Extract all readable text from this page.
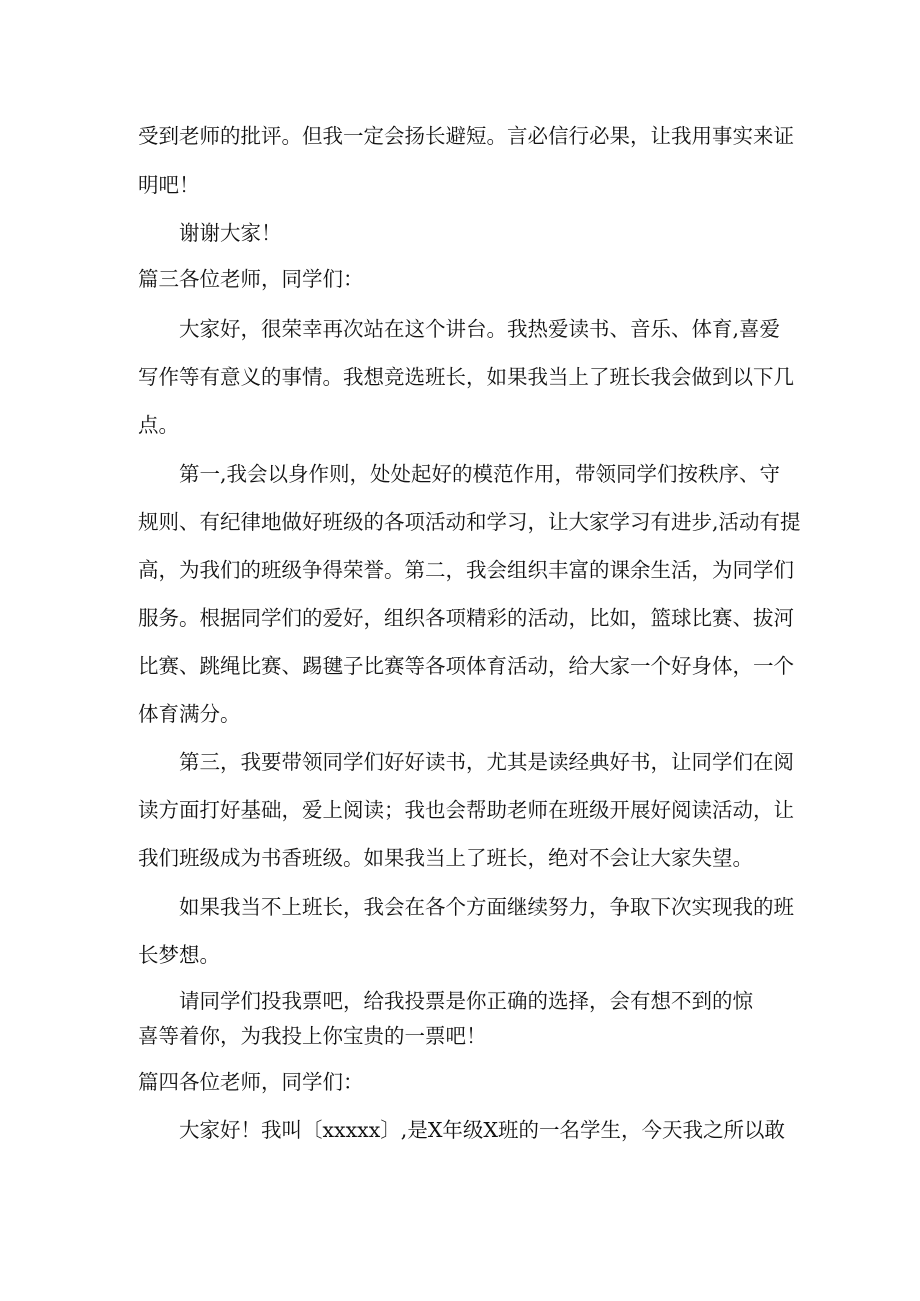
受到老师的批评。但我一定会扬长避短。言必信行必果，让我用事实来证

明吧！

谢谢大家！

篇三各位老师，同学们：

大家好，很荣幸再次站在这个讲台。我热爱读书、音乐、体育,喜爱

写作等有意义的事情。我想竞选班长，如果我当上了班长我会做到以下几

点。

第一,我会以身作则，处处起好的模范作用，带领同学们按秩序、守

规则、有纪律地做好班级的各项活动和学习，让大家学习有进步,活动有提

高，为我们的班级争得荣誉。第二，我会组织丰富的课余生活，为同学们

服务。根据同学们的爱好，组织各项精彩的活动，比如，篮球比赛、拔河

比赛、跳绳比赛、踢毽子比赛等各项体育活动，给大家一个好身体，一个

体育满分。

第三，我要带领同学们好好读书，尤其是读经典好书，让同学们在阅

读方面打好基础，爱上阅读；我也会帮助老师在班级开展好阅读活动，让

我们班级成为书香班级。如果我当上了班长，绝对不会让大家失望。

如果我当不上班长，我会在各个方面继续努力，争取下次实现我的班

长梦想。

请同学们投我票吧，给我投票是你正确的选择，会有想不到的惊

喜等着你，为我投上你宝贵的一票吧！

篇四各位老师，同学们：

大家好！我叫〔xxxxx〕,是X年级X班的一名学生，今天我之所以敢
